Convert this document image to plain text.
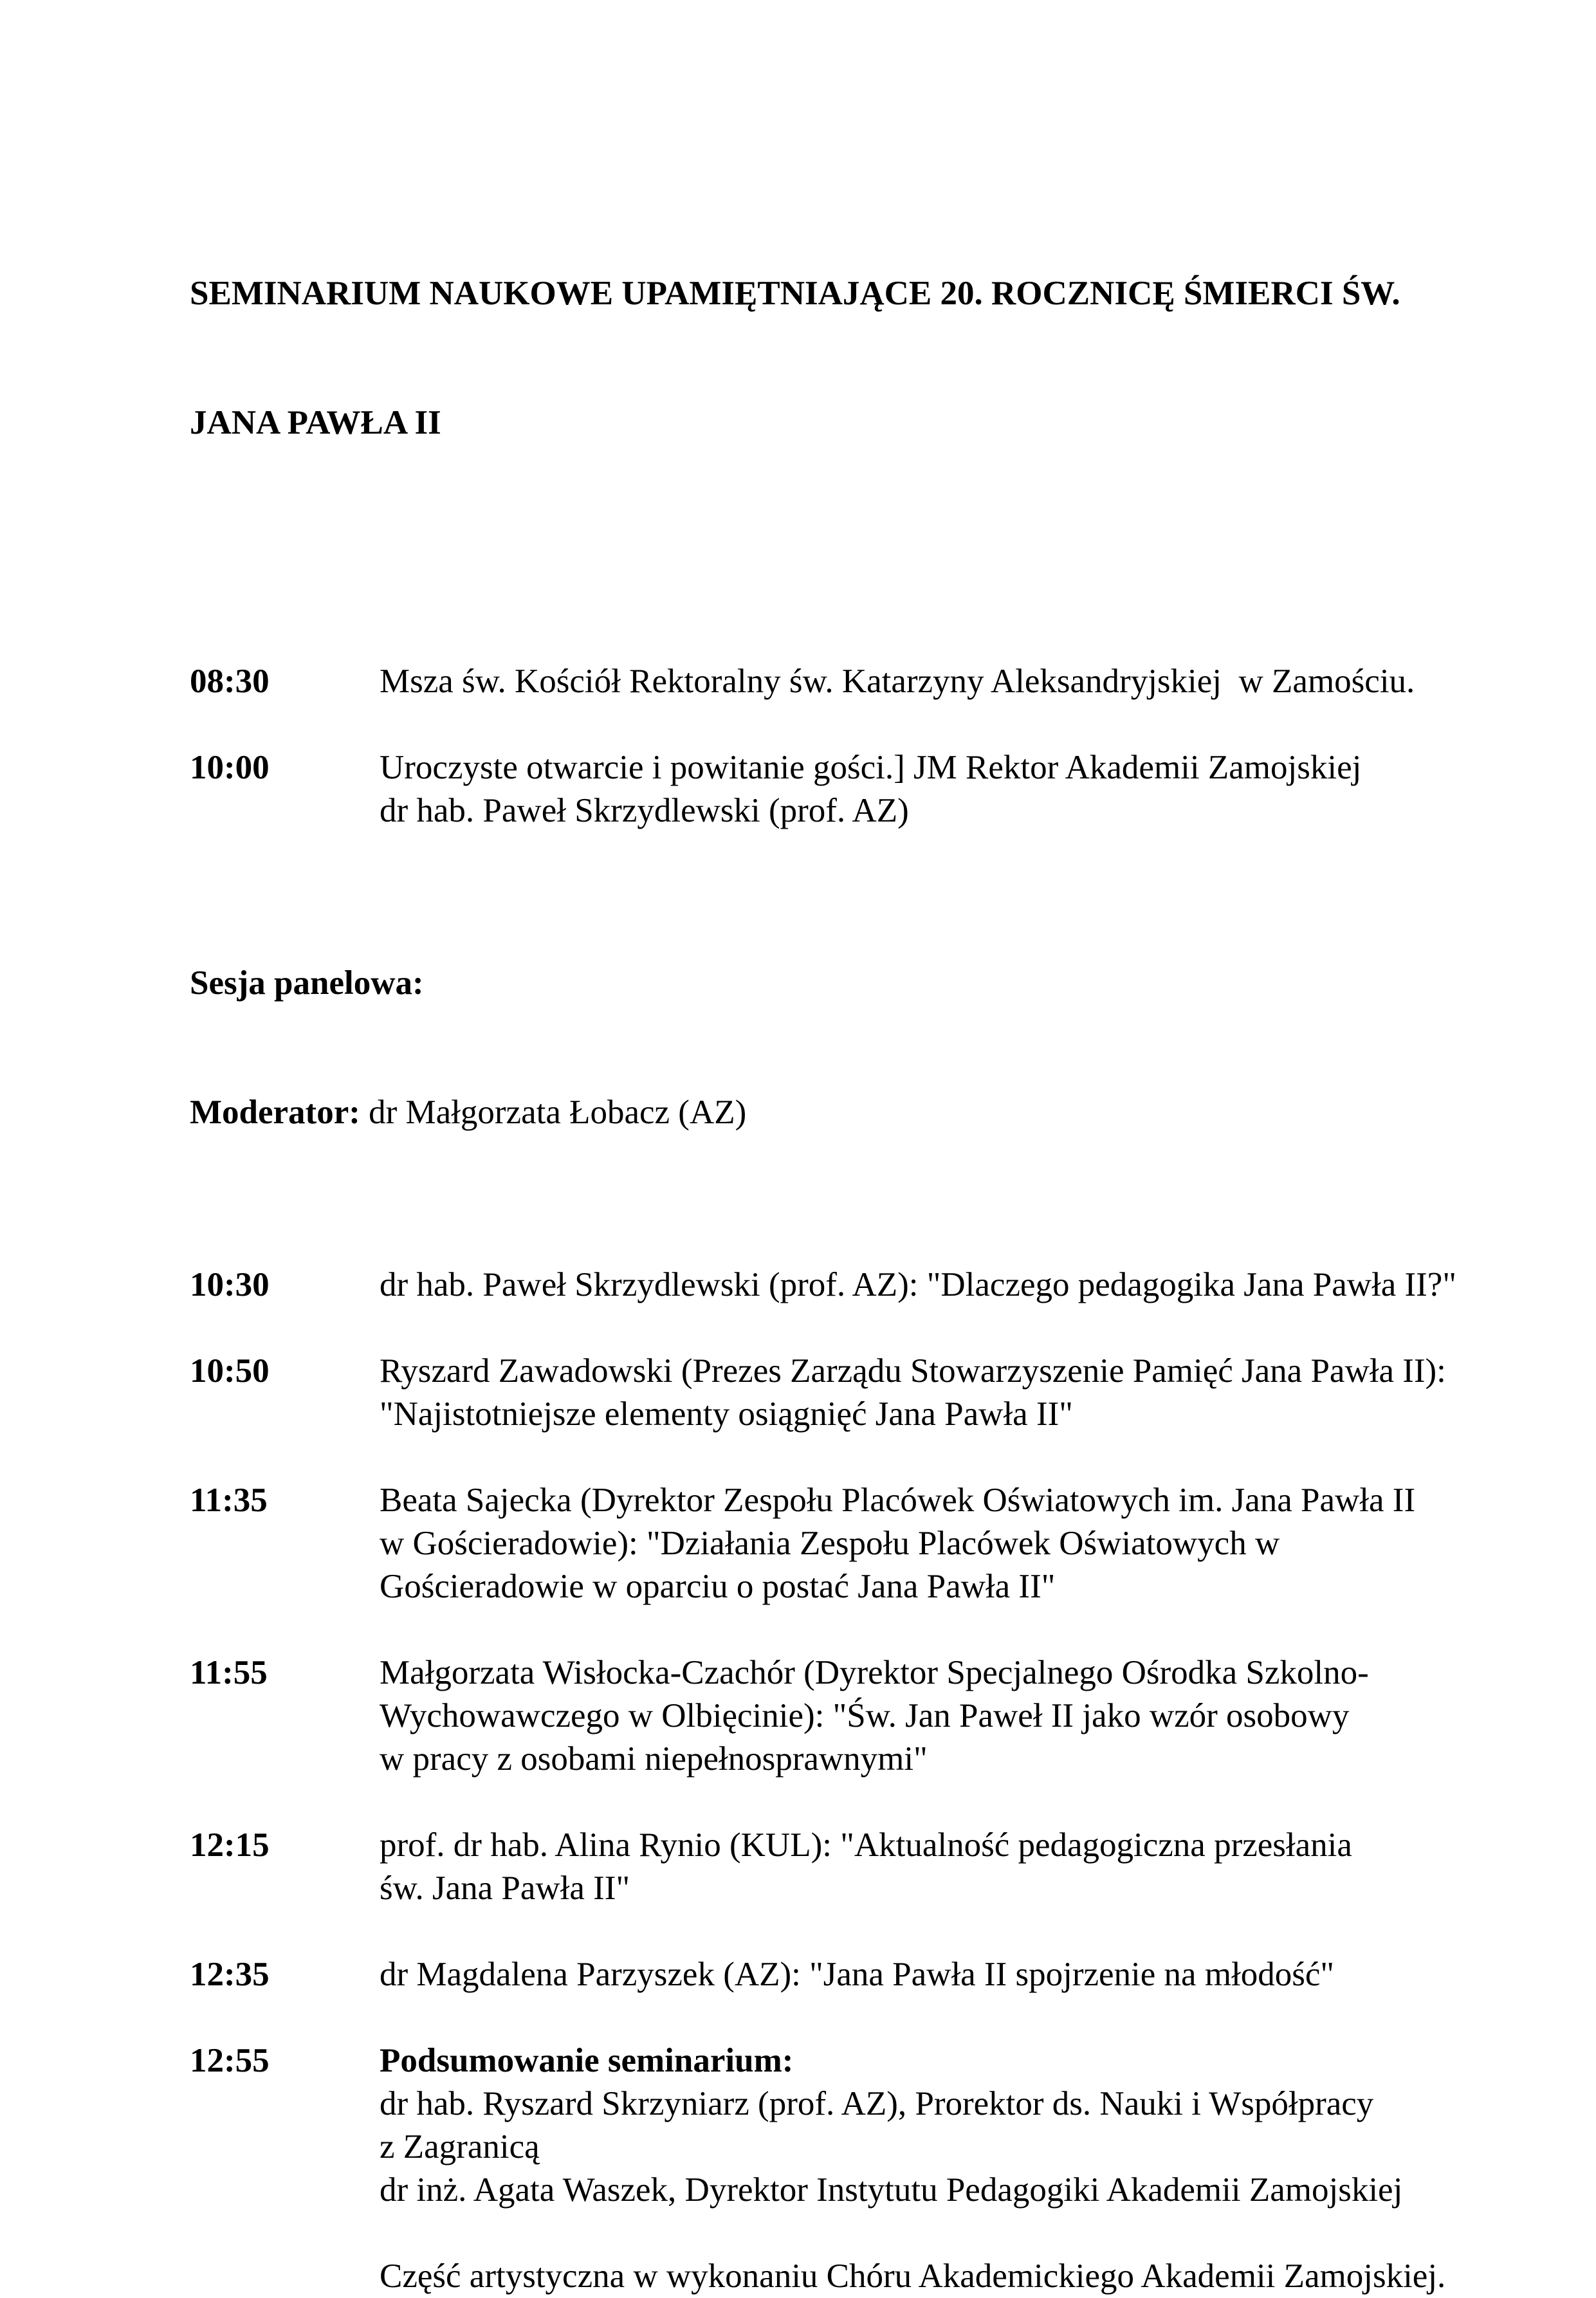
SEMINARIUM NAUKOWE UPAMIĘTNIAJĄCE 20. ROCZNICĘ ŚMIERCI ŚW.

JANA PAWŁA II

08:30	Msza św. Kościół Rektoralny św. Katarzyny Aleksandryjskiej  w Zamościu.
10:00	Uroczyste otwarcie i powitanie gości.] JM Rektor Akademii Zamojskiej
dr hab. Paweł Skrzydlewski (prof. AZ)

Sesja panelowa:

Moderator: dr Małgorzata Łobacz (AZ)

10:30	dr hab. Paweł Skrzydlewski (prof. AZ): "Dlaczego pedagogika Jana Pawła II?"
10:50	Ryszard Zawadowski (Prezes Zarządu Stowarzyszenie Pamięć Jana Pawła II):
"Najistotniejsze elementy osiągnięć Jana Pawła II"
11:35	Beata Sajecka (Dyrektor Zespołu Placówek Oświatowych im. Jana Pawła II
w Gościeradowie): "Działania Zespołu Placówek Oświatowych w
Gościeradowie w oparciu o postać Jana Pawła II"
11:55	Małgorzata Wisłocka-Czachór (Dyrektor Specjalnego Ośrodka Szkolno-
Wychowawczego w Olbięcinie): "Św. Jan Paweł II jako wzór osobowy
w pracy z osobami niepełnosprawnymi"
12:15	prof. dr hab. Alina Rynio (KUL): "Aktualność pedagogiczna przesłania
św. Jana Pawła II"
12:35	dr Magdalena Parzyszek (AZ): "Jana Pawła II spojrzenie na młodość"
12:55	Podsumowanie seminarium:
dr hab. Ryszard Skrzyniarz (prof. AZ), Prorektor ds. Nauki i Współpracy
z Zagranicą
dr inż. Agata Waszek, Dyrektor Instytutu Pedagogiki Akademii Zamojskiej

Część artystyczna w wykonaniu Chóru Akademickiego Akademii Zamojskiej.
